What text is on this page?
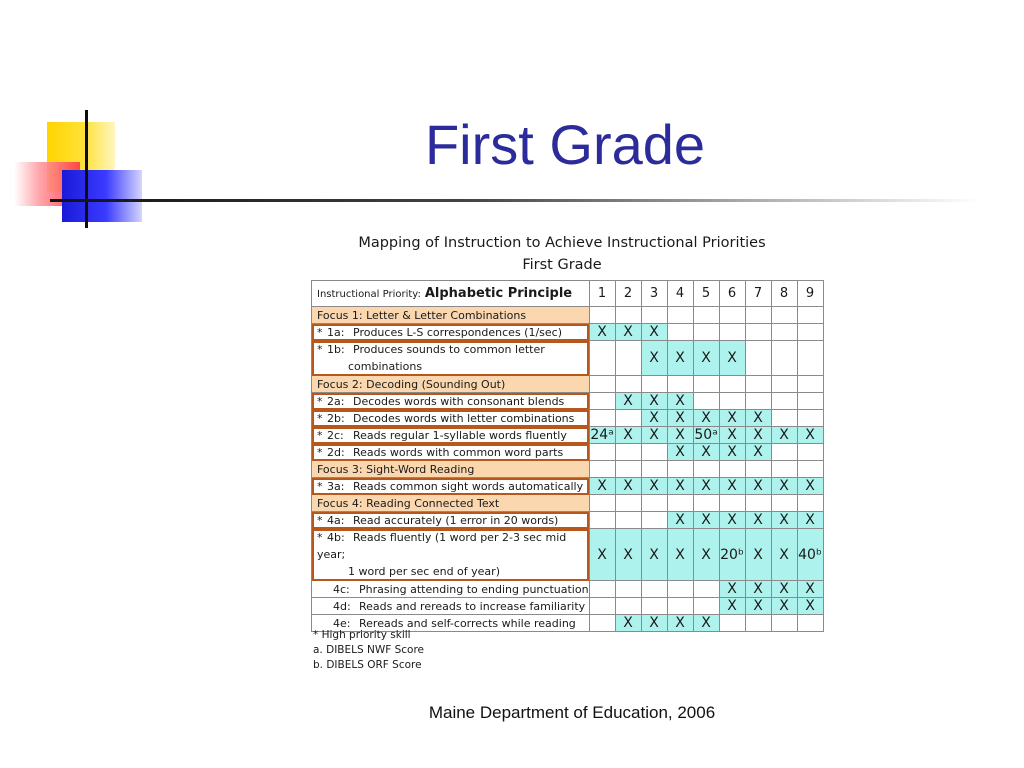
First Grade
Mapping of Instruction to Achieve Instructional Priorities
First Grade
Instructional Priority: Alphabetic Principle	1	2	3	4	5	6	7	8	9
Focus 1: Letter & Letter Combinations									
* 1a: Produces L-S correspondences (1/sec)	X	X	X						
* 1b: Produces sounds to common letter
combinations			X	X	X	X			
Focus 2: Decoding (Sounding Out)									
* 2a: Decodes words with consonant blends		X	X	X					
* 2b: Decodes words with letter combinations			X	X	X	X	X		
* 2c: Reads regular 1-syllable words fluently	24ᵃ	X	X	X	50ᵃ	X	X	X	X
* 2d: Reads words with common word parts				X	X	X	X		
Focus 3: Sight-Word Reading									
* 3a: Reads common sight words automatically	X	X	X	X	X	X	X	X	X
Focus 4: Reading Connected Text									
* 4a: Read accurately (1 error in 20 words)				X	X	X	X	X	X
* 4b: Reads fluently (1 word per 2-3 sec mid year;
1 word per sec end of year)	X	X	X	X	X	20ᵇ	X	X	40ᵇ
4c: Phrasing attending to ending punctuation						X	X	X	X
4d: Reads and rereads to increase familiarity						X	X	X	X
4e: Rereads and self-corrects while reading		X	X	X	X				
* High priority skill
a. DIBELS NWF Score
b. DIBELS ORF Score
Maine Department of Education, 2006
